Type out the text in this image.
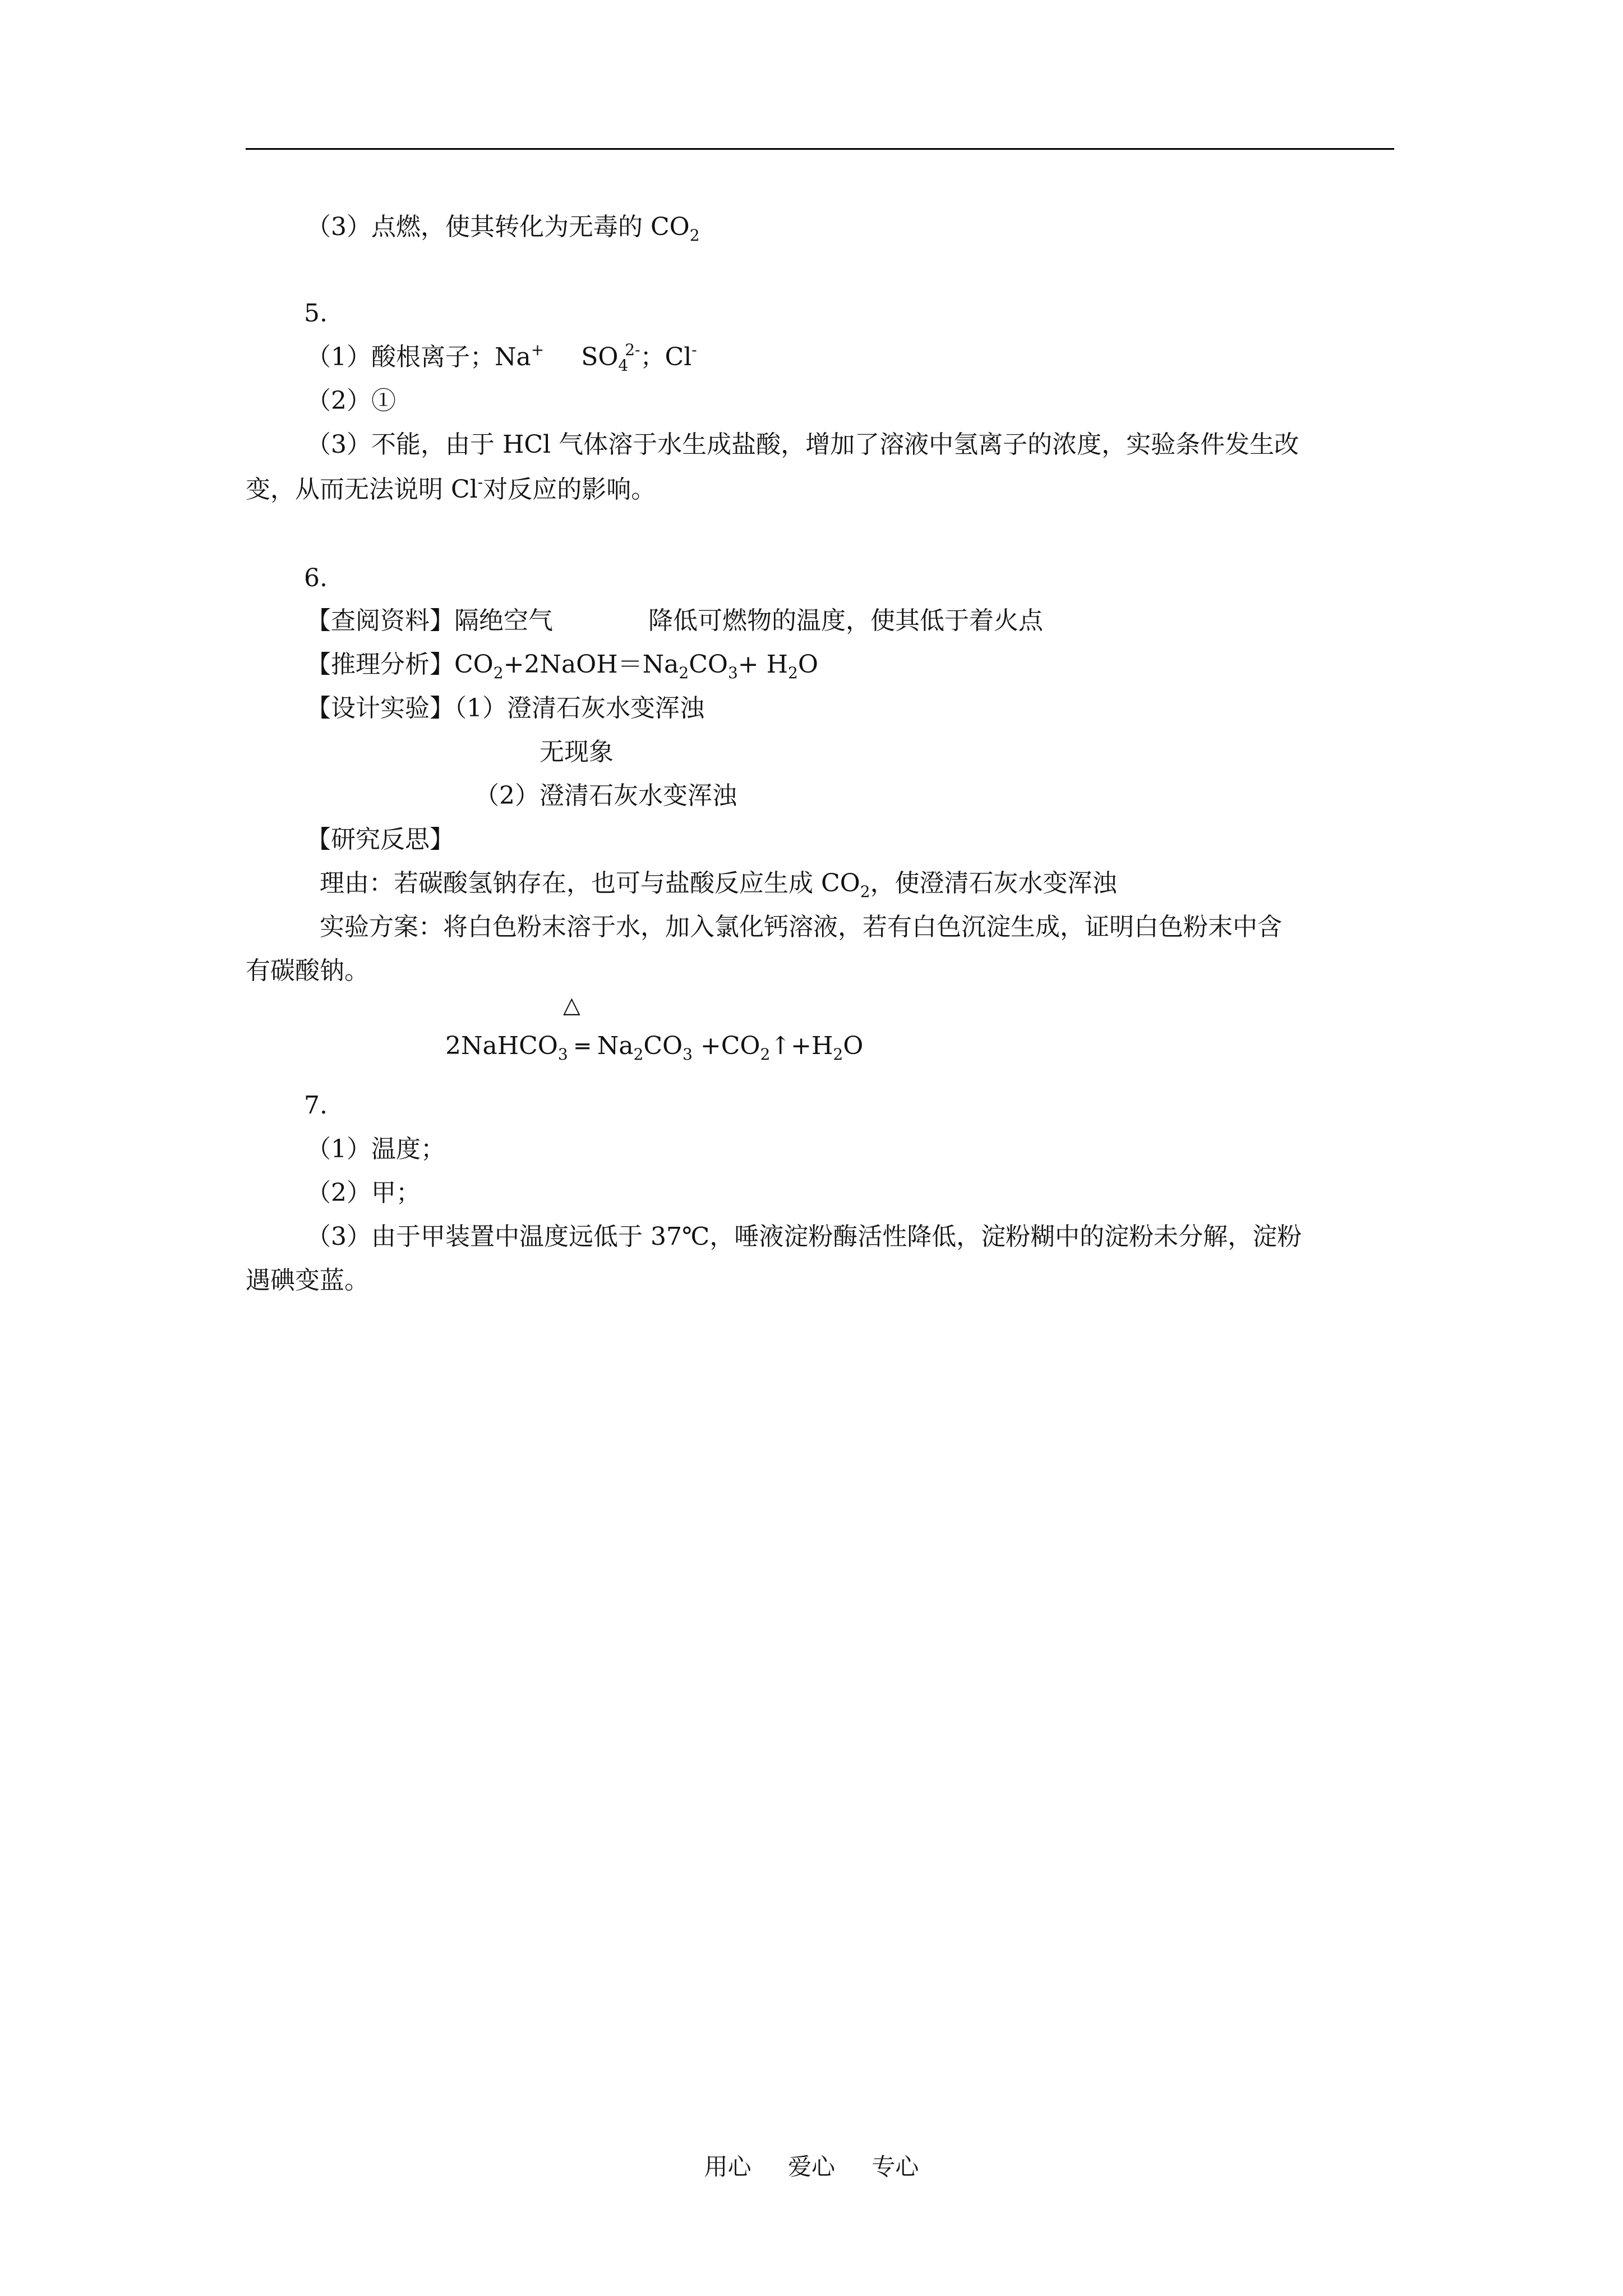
（3）点燃，使其转化为无毒的 $CO_2$
5.
（1）酸根离子；Na+ $SO_4^{2-}$；Cl-
（2）①
（3）不能，由于 HCl 气体溶于水生成盐酸，增加了溶液中氢离子的浓度，实验条件发生改
变，从而无法说明 Cl-对反应的影响。
6.
【查阅资料】隔绝空气	降低可燃物的温度，使其低于着火点
【推理分析】$CO_2+2NaOH=Na_2CO_3+ H_2O$
【设计实验】（1）澄清石灰水变浑浊
无现象
（2）澄清石灰水变浑浊
【研究反思】
理由：若碳酸氢钠存在，也可与盐酸反应生成 $CO_2$，使澄清石灰水变浑浊
实验方案：将白色粉末溶于水，加入氯化钙溶液，若有白色沉淀生成，证明白色粉末中含
有碳酸钠。
△
2NaHCO$_3$ ═ $Na_2CO_3$ $+CO_2↑+H_2O$
7.
（1）温度；
（2）甲；
（3）由于甲装置中温度远低于 37℃，唾液淀粉酶活性降低，淀粉糊中的淀粉未分解，淀粉
遇碘变蓝。
用心 爱心 专心
